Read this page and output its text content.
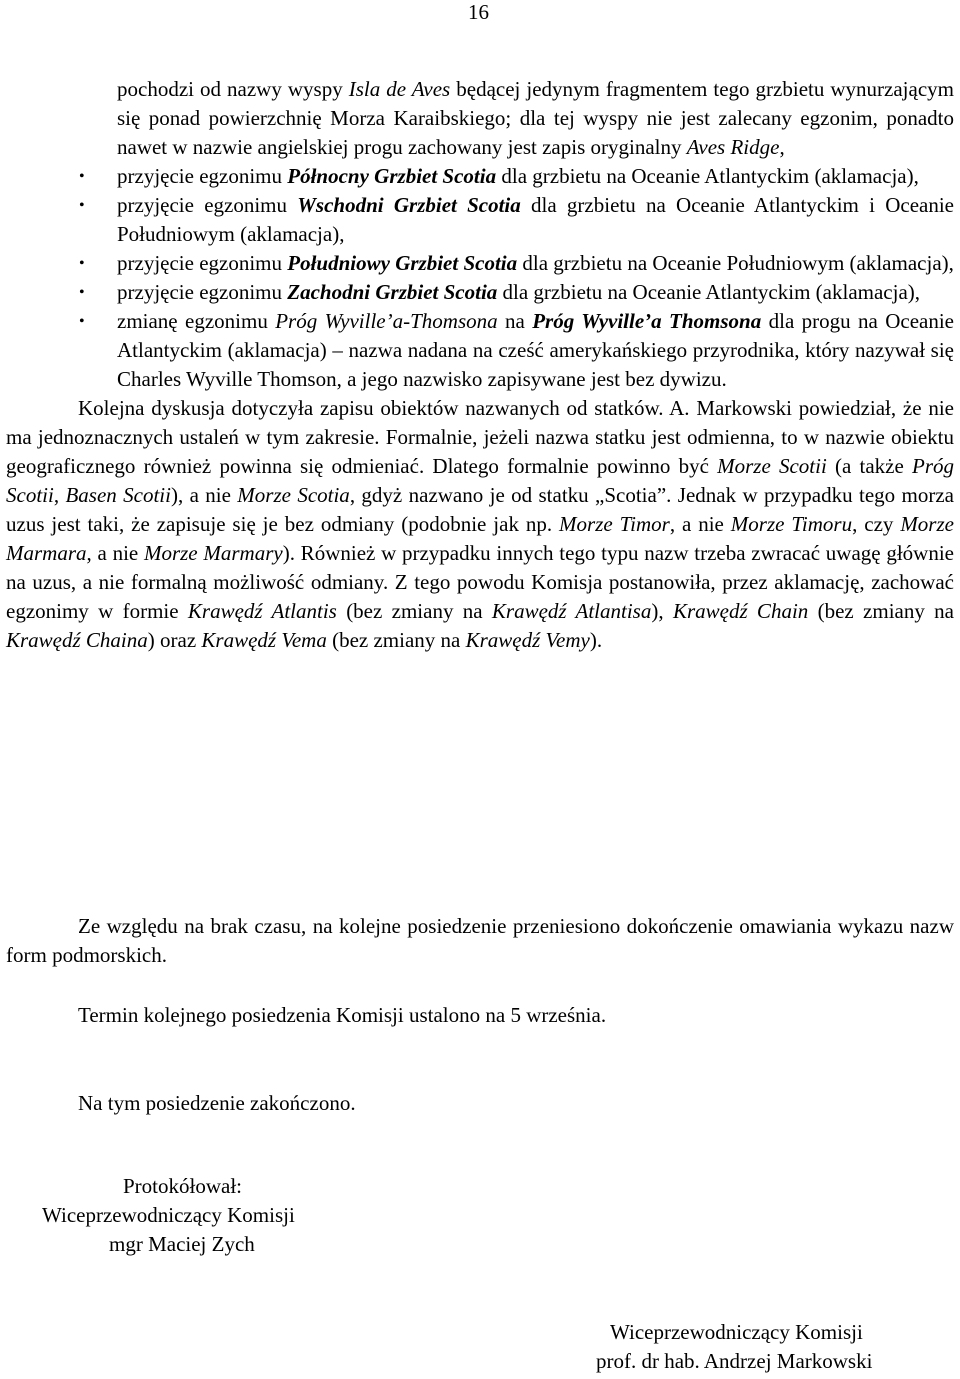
16
pochodzi od nazwy wyspy Isla de Aves będącej jedynym fragmentem tego grzbietu wynurzającym się ponad powierzchnię Morza Karaibskiego; dla tej wyspy nie jest zalecany egzonim, ponadto nawet w nazwie angielskiej progu zachowany jest zapis oryginalny Aves Ridge,
• przyjęcie egzonimu Północny Grzbiet Scotia dla grzbietu na Oceanie Atlantyckim (aklamacja),
• przyjęcie egzonimu Wschodni Grzbiet Scotia dla grzbietu na Oceanie Atlantyckim i Oceanie Południowym (aklamacja),
• przyjęcie egzonimu Południowy Grzbiet Scotia dla grzbietu na Oceanie Południowym (aklamacja),
• przyjęcie egzonimu Zachodni Grzbiet Scotia dla grzbietu na Oceanie Atlantyckim (aklamacja),
• zmianę egzonimu Próg Wyville’a-Thomsona na Próg Wyville’a Thomsona dla progu na Oceanie Atlantyckim (aklamacja) – nazwa nadana na cześć amerykańskiego przyrodnika, który nazywał się Charles Wyville Thomson, a jego nazwisko zapisywane jest bez dywizu.

Kolejna dyskusja dotyczyła zapisu obiektów nazwanych od statków. A. Markowski powiedział, że nie ma jednoznacznych ustaleń w tym zakresie. Formalnie, jeżeli nazwa statku jest odmienna, to w nazwie obiektu geograficznego również powinna się odmieniać. Dlatego formalnie powinno być Morze Scotii (a także Próg Scotii, Basen Scotii), a nie Morze Scotia, gdyż nazwano je od statku „Scotia”. Jednak w przypadku tego morza uzus jest taki, że zapisuje się je bez odmiany (podobnie jak np. Morze Timor, a nie Morze Timoru, czy Morze Marmara, a nie Morze Marmary). Również w przypadku innych tego typu nazw trzeba zwracać uwagę głównie na uzus, a nie formalną możliwość odmiany. Z tego powodu Komisja postanowiła, przez aklamację, zachować egzonimy w formie Krawędź Atlantis (bez zmiany na Krawędź Atlantisa), Krawędź Chain (bez zmiany na Krawędź Chaina) oraz Krawędź Vema (bez zmiany na Krawędź Vemy).

Ze względu na brak czasu, na kolejne posiedzenie przeniesiono dokończenie omawiania wykazu nazw form podmorskich.

Termin kolejnego posiedzenia Komisji ustalono na 5 września.

Na tym posiedzenie zakończono.

Protokółował:
Wiceprzewodniczący Komisji
mgr Maciej Zych
Wiceprzewodniczący Komisji
prof. dr hab. Andrzej Markowski
